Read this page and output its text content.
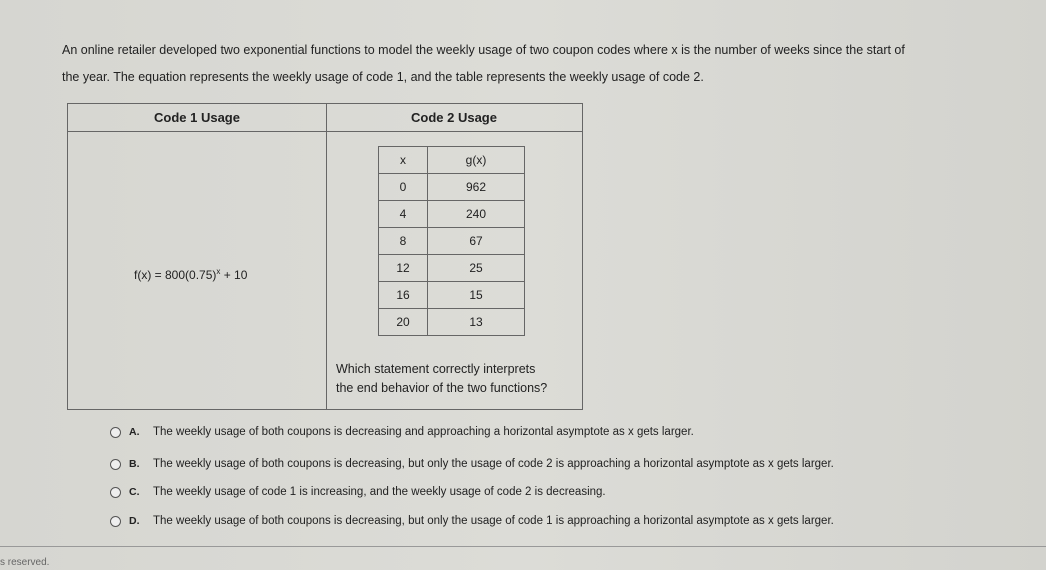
An online retailer developed two exponential functions to model the weekly usage of two coupon codes where x is the number of weeks since the start of
the year. The equation represents the weekly usage of code 1, and the table represents the weekly usage of code 2.
Code 1 Usage	Code 2 Usage
$f(x) = 800(0.75)^x + 10$
x	g(x)
0	962
4	240
8	67
12	25
16	15
20	13
Which statement correctly interprets
the end behavior of the two functions?
A.	The weekly usage of both coupons is decreasing and approaching a horizontal asymptote as x gets larger.
B.	The weekly usage of both coupons is decreasing, but only the usage of code 2 is approaching a horizontal asymptote as x gets larger.
C.	The weekly usage of code 1 is increasing, and the weekly usage of code 2 is decreasing.
D.	The weekly usage of both coupons is decreasing, but only the usage of code 1 is approaching a horizontal asymptote as x gets larger.
s reserved.
